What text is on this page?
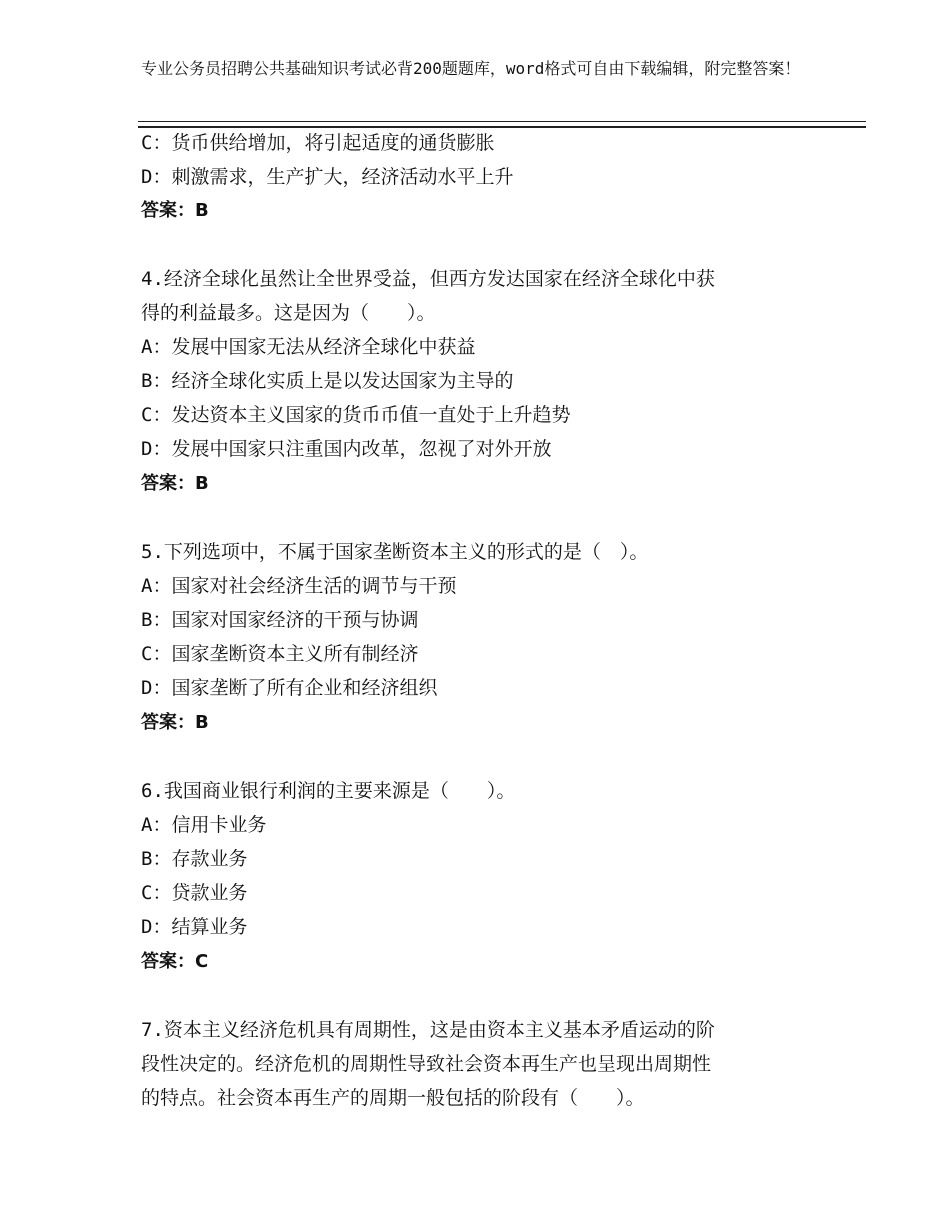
专业公务员招聘公共基础知识考试必背200题题库，word格式可自由下载编辑，附完整答案！
C：货币供给增加，将引起适度的通货膨胀
D：刺激需求，生产扩大，经济活动水平上升
答案：B
4.经济全球化虽然让全世界受益，但西方发达国家在经济全球化中获
得的利益最多。这是因为（　　）。
A：发展中国家无法从经济全球化中获益
B：经济全球化实质上是以发达国家为主导的
C：发达资本主义国家的货币币值一直处于上升趋势
D：发展中国家只注重国内改革，忽视了对外开放
答案：B
5.下列选项中，不属于国家垄断资本主义的形式的是（　）。
A：国家对社会经济生活的调节与干预
B：国家对国家经济的干预与协调
C：国家垄断资本主义所有制经济
D：国家垄断了所有企业和经济组织
答案：B
6.我国商业银行利润的主要来源是（　　）。
A：信用卡业务
B：存款业务
C：贷款业务
D：结算业务
答案：C
7.资本主义经济危机具有周期性，这是由资本主义基本矛盾运动的阶
段性决定的。经济危机的周期性导致社会资本再生产也呈现出周期性
的特点。社会资本再生产的周期一般包括的阶段有（　　）。
